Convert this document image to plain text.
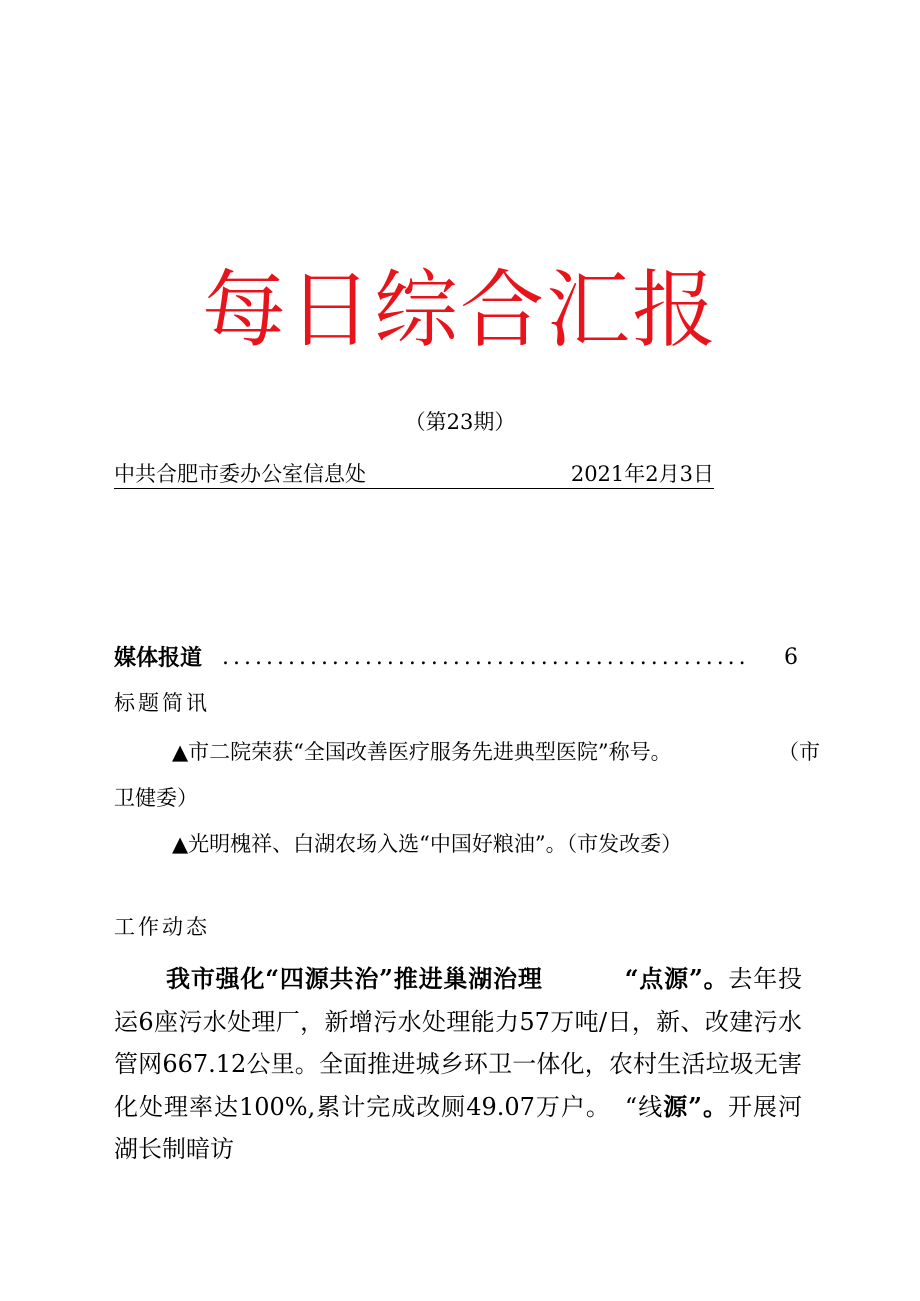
每日综合汇报
（第23期）
中共合肥市委办公室信息处	2021年2月3日
................................................
媒体报道	6
标题简讯
▲市二院荣获“全国改善医疗服务先进典型医院”称号。	（市
卫健委）
▲光明槐祥、白湖农场入选“中国好粮油”。（市发改委）
工作动态
我市强化“四源共治”推进巢湖治理	“点源”。去年投运6座污水处理厂，新增污水处理能力57万吨/日，新、改建污水管网667.12公里。全面推进城乡环卫一体化，农村生活垃圾无害化处理率达100%,累计完成改厕49.07万户。 “线源”。开展河湖长制暗访
